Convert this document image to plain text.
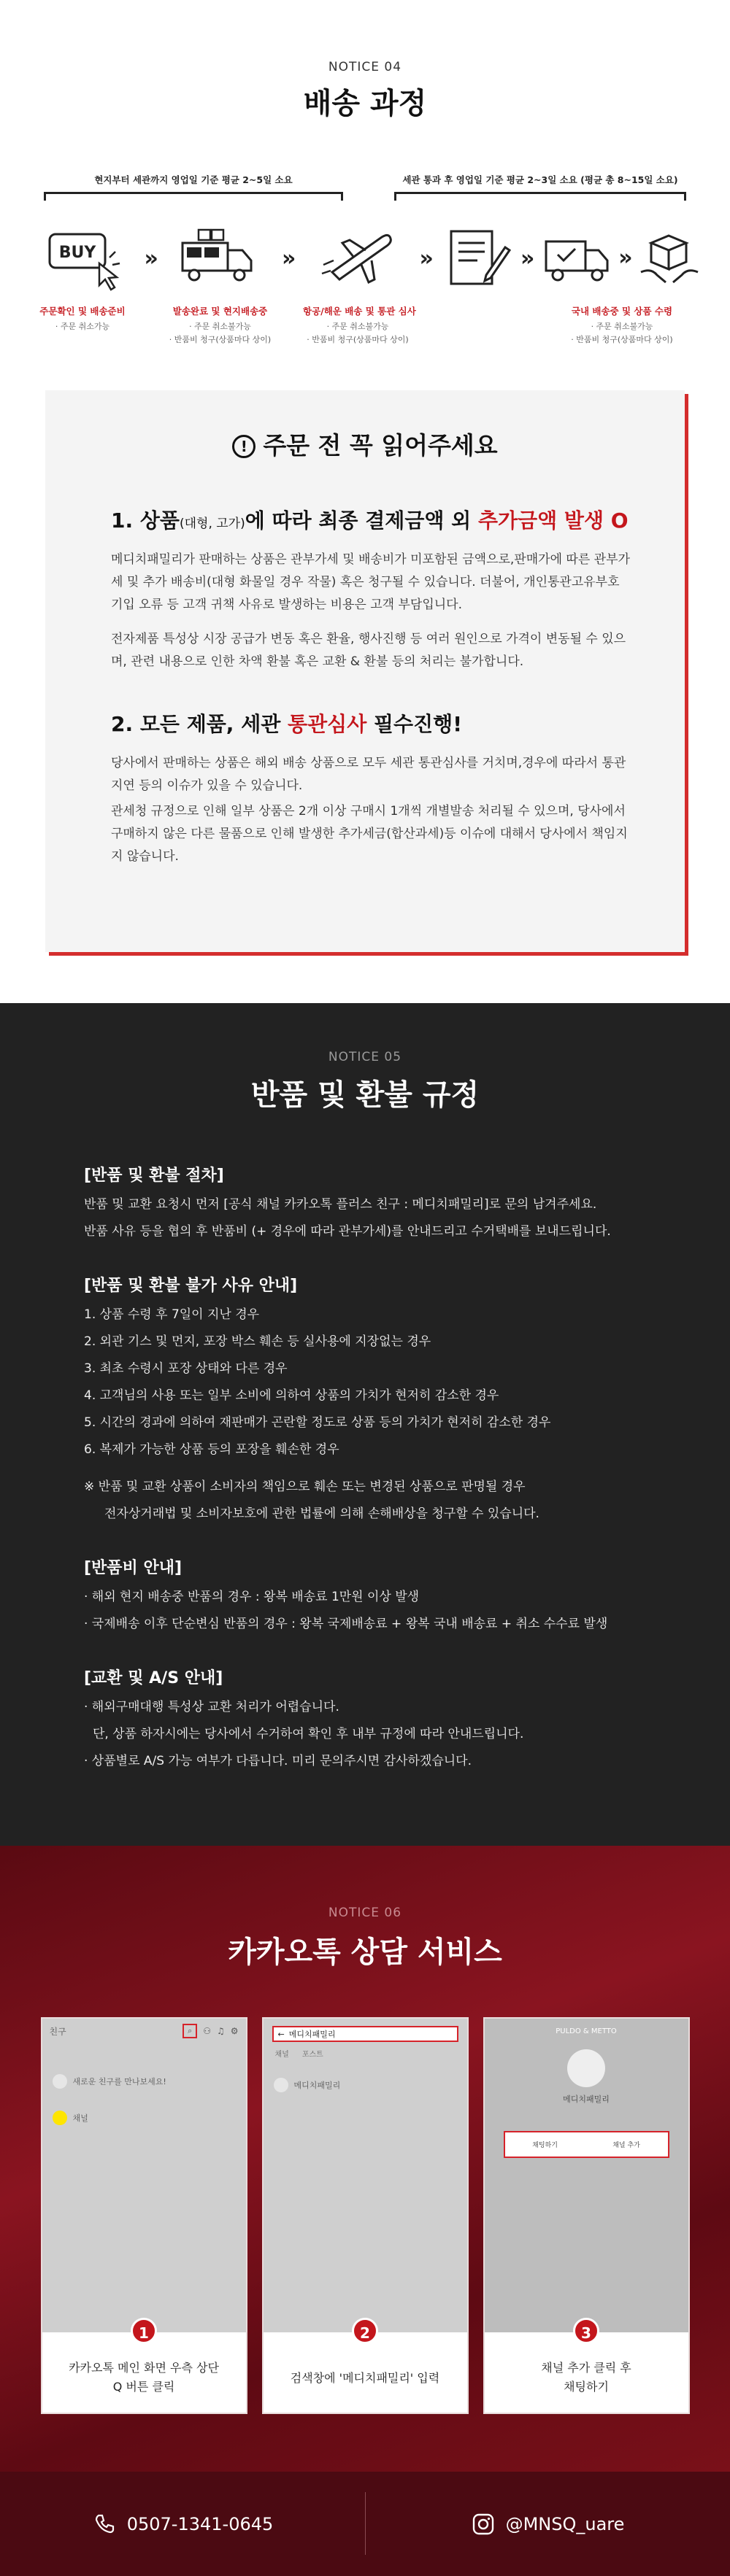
NOTICE 04
배송 과정
현지부터 세관까지 영업일 기준 평균 2~5일 소요	세관 통과 후 영업일 기준 평균 2~3일 소요 (평균 총 8~15일 소요)
BUY
주문확인 및 배송준비
· 주문 취소가능
»
발송완료 및 현지배송중
· 주문 취소불가능
· 반품비 청구(상품마다 상이)
»
항공/해운 배송 및 통관 심사
· 주문 취소불가능
· 반품비 청구(상품마다 상이)
»	»	»
국내 배송중 및 상품 수령
· 주문 취소불가능
· 반품비 청구(상품마다 상이)
! 주문 전 꼭 읽어주세요
1. 상품(대형, 고가)에 따라 최종 결제금액 외 추가금액 발생 O

메디치패밀리가 판매하는 상품은 관부가세 및 배송비가 미포함된 금액으로,판매가에 따른 관부가세 및 추가 배송비(대형 화물일 경우 작물) 혹은 청구될 수 있습니다. 더불어, 개인통관고유부호 기입 오류 등 고객 귀책 사유로 발생하는 비용은 고객 부담입니다.

전자제품 특성상 시장 공급가 변동 혹은 환율, 행사진행 등 여러 원인으로 가격이 변동될 수 있으며, 관련 내용으로 인한 차액 환불 혹은 교환 & 환불 등의 처리는 불가합니다.

2. 모든 제품, 세관 통관심사 필수진행!

당사에서 판매하는 상품은 해외 배송 상품으로 모두 세관 통관심사를 거치며,경우에 따라서 통관 지연 등의 이슈가 있을 수 있습니다.

관세청 규정으로 인해 일부 상품은 2개 이상 구매시 1개씩 개별발송 처리될 수 있으며, 당사에서 구매하지 않은 다른 물품으로 인해 발생한 추가세금(합산과세)등 이슈에 대해서 당사에서 책임지지 않습니다.

NOTICE 05
반품 및 환불 규정
[반품 및 환불 절차]
반품 및 교환 요청시 먼저 [공식 채널 카카오톡 플러스 친구 : 메디치패밀리]로 문의 남겨주세요.
반품 사유 등을 협의 후 반품비 (+ 경우에 따라 관부가세)를 안내드리고 수거택배를 보내드립니다.
[반품 및 환불 불가 사유 안내]
1. 상품 수령 후 7일이 지난 경우
2. 외관 기스 및 먼지, 포장 박스 훼손 등 실사용에 지장없는 경우
3. 최초 수령시 포장 상태와 다른 경우
4. 고객님의 사용 또는 일부 소비에 의하여 상품의 가치가 현저히 감소한 경우
5. 시간의 경과에 의하여 재판매가 곤란할 정도로 상품 등의 가치가 현저히 감소한 경우
6. 복제가 가능한 상품 등의 포장을 훼손한 경우
※ 반품 및 교환 상품이 소비자의 책임으로 훼손 또는 변경된 상품으로 판명될 경우
전자상거래법 및 소비자보호에 관한 법률에 의해 손해배상을 청구할 수 있습니다.
[반품비 안내]
· 해외 현지 배송중 반품의 경우 : 왕복 배송료 1만원 이상 발생
· 국제배송 이후 단순변심 반품의 경우 : 왕복 국제배송료 + 왕복 국내 배송료 + 취소 수수료 발생
[교환 및 A/S 안내]
· 해외구매대행 특성상 교환 처리가 어렵습니다.
단, 상품 하자시에는 당사에서 수거하여 확인 후 내부 규정에 따라 안내드립니다.
· 상품별로 A/S 가능 여부가 다릅니다. 미리 문의주시면 감사하겠습니다.
NOTICE 06
카카오톡 상담 서비스
친구	⌕	⚇ ♫ ⚙
새로운 친구를 만나보세요!
채널
1
카카오톡 메인 화면 우측 상단
Q 버튼 클릭
← 메디치패밀리
채널 포스트
메디치패밀리
2
검색창에 '메디치패밀리' 입력
PULDO & METTO
메디치패밀리
채팅하기	채널 추가
3
채널 추가 클릭 후
채팅하기
0507-1341-0645	@MNSQ_uare
